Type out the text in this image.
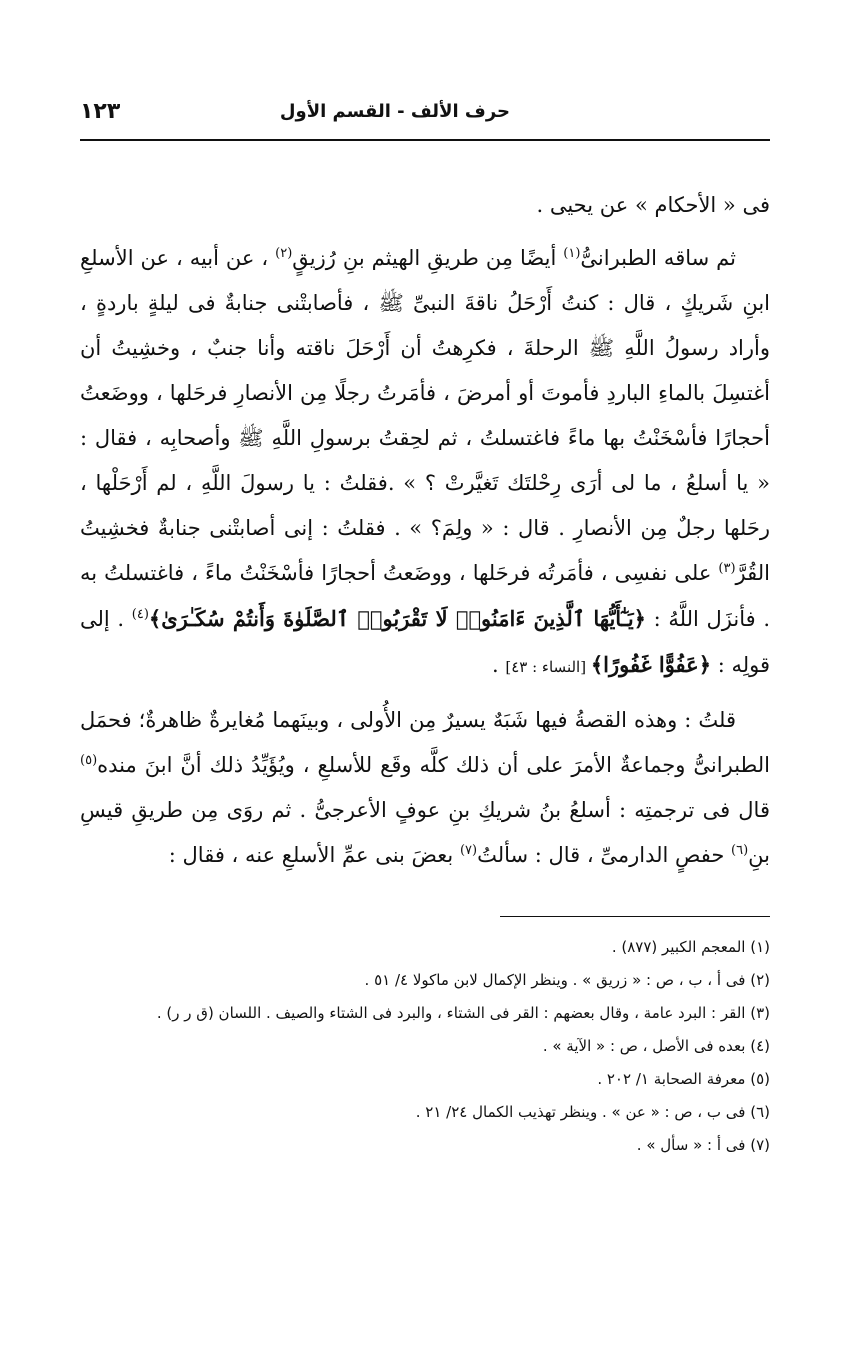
حرف الألف - القسم الأول
١٢٣

فى « الأحكام » عن يحيى .

ثم ساقه الطبرانىُّ$^{(١)}$ أيضًا مِن طريقِ الهيثم بنِ رُزيقٍ$^{(٢)}$ ، عن أبيه ، عن الأسلعِ ابنِ شَريكٍ ، قال : كنتُ أَرْحَلُ ناقةَ النبىِّ ﷺ ، فأصابتْنى جنابةٌ فى ليلةٍ باردةٍ ، وأراد رسولُ اللَّهِ ﷺ الرحلةَ ، فكرِهتُ أن أَرْحَلَ ناقته وأنا جنبٌ ، وخشِيتُ أن أغتسِلَ بالماءِ الباردِ فأموتَ أو أمرضَ ، فأمَرتُ رجلًا مِن الأنصارِ فرحَلها ، ووضَعتُ أحجارًا فأسْخَنْتُ بها ماءً فاغتسلتُ ، ثم لحِقتُ برسولِ اللَّهِ ﷺ وأصحابِه ، فقال : « يا أسلعُ ، ما لى أرَى رِحْلتَك تَغيَّرتْ ؟ » .فقلتُ : يا رسولَ اللَّهِ ، لم أَرْحَلْها ، رحَلها رجلٌ مِن الأنصارِ . قال : « ولِمَ؟ » . فقلتُ : إنى أصابتْنى جنابةٌ فخشِيتُ القُرَّ$^{(٣)}$ على نفسِى ، فأمَرتُه فرحَلها ، ووضَعتُ أحجارًا فأسْخَنْتُ ماءً ، فاغتسلتُ به . فأنزَل اللَّهُ : ﴿يَـٰٓأَيُّهَا ٱلَّذِينَ ءَامَنُوا۟ لَا تَقْرَبُوا۟ ٱلصَّلَوٰةَ وَأَنتُمْ سُكَـٰرَىٰ﴾$^{(٤)}$ . إلى قولِه : ﴿عَفُوًّا غَفُورًا﴾ [النساء : ٤٣] .

قلتُ : وهذه القصةُ فيها شَبَهٌ يسيرٌ مِن الأُولى ، وبينَهما مُغايرةٌ ظاهرةٌ؛ فحمَل الطبرانىُّ وجماعةٌ الأمرَ على أن ذلك كلَّه وقَع للأسلعِ ، ويُؤَيِّدُ ذلك أنَّ ابنَ منده$^{(٥)}$ قال فى ترجمتِه : أسلعُ بنُ شريكِ بنِ عوفٍ الأعرجىُّ . ثم روَى مِن طريقِ قيسِ بنِ$^{(٦)}$ حفصٍ الدارمىِّ ، قال : سألتُ$^{(٧)}$ بعضَ بنى عمِّ الأسلعِ عنه ، فقال :

(١) المعجم الكبير (٨٧٧) .
(٢) فى أ ، ب ، ص : « زريق » . وينظر الإكمال لابن ماكولا ٤/ ٥١ .
(٣) القر : البرد عامة ، وقال بعضهم : القر فى الشتاء ، والبرد فى الشتاء والصيف . اللسان (ق ر ر) .
(٤) بعده فى الأصل ، ص : « الآية » .
(٥) معرفة الصحابة ١/ ٢٠٢ .
(٦) فى ب ، ص : « عن » . وينظر تهذيب الكمال ٢٤/ ٢١ .
(٧) فى أ : « سأل » .
